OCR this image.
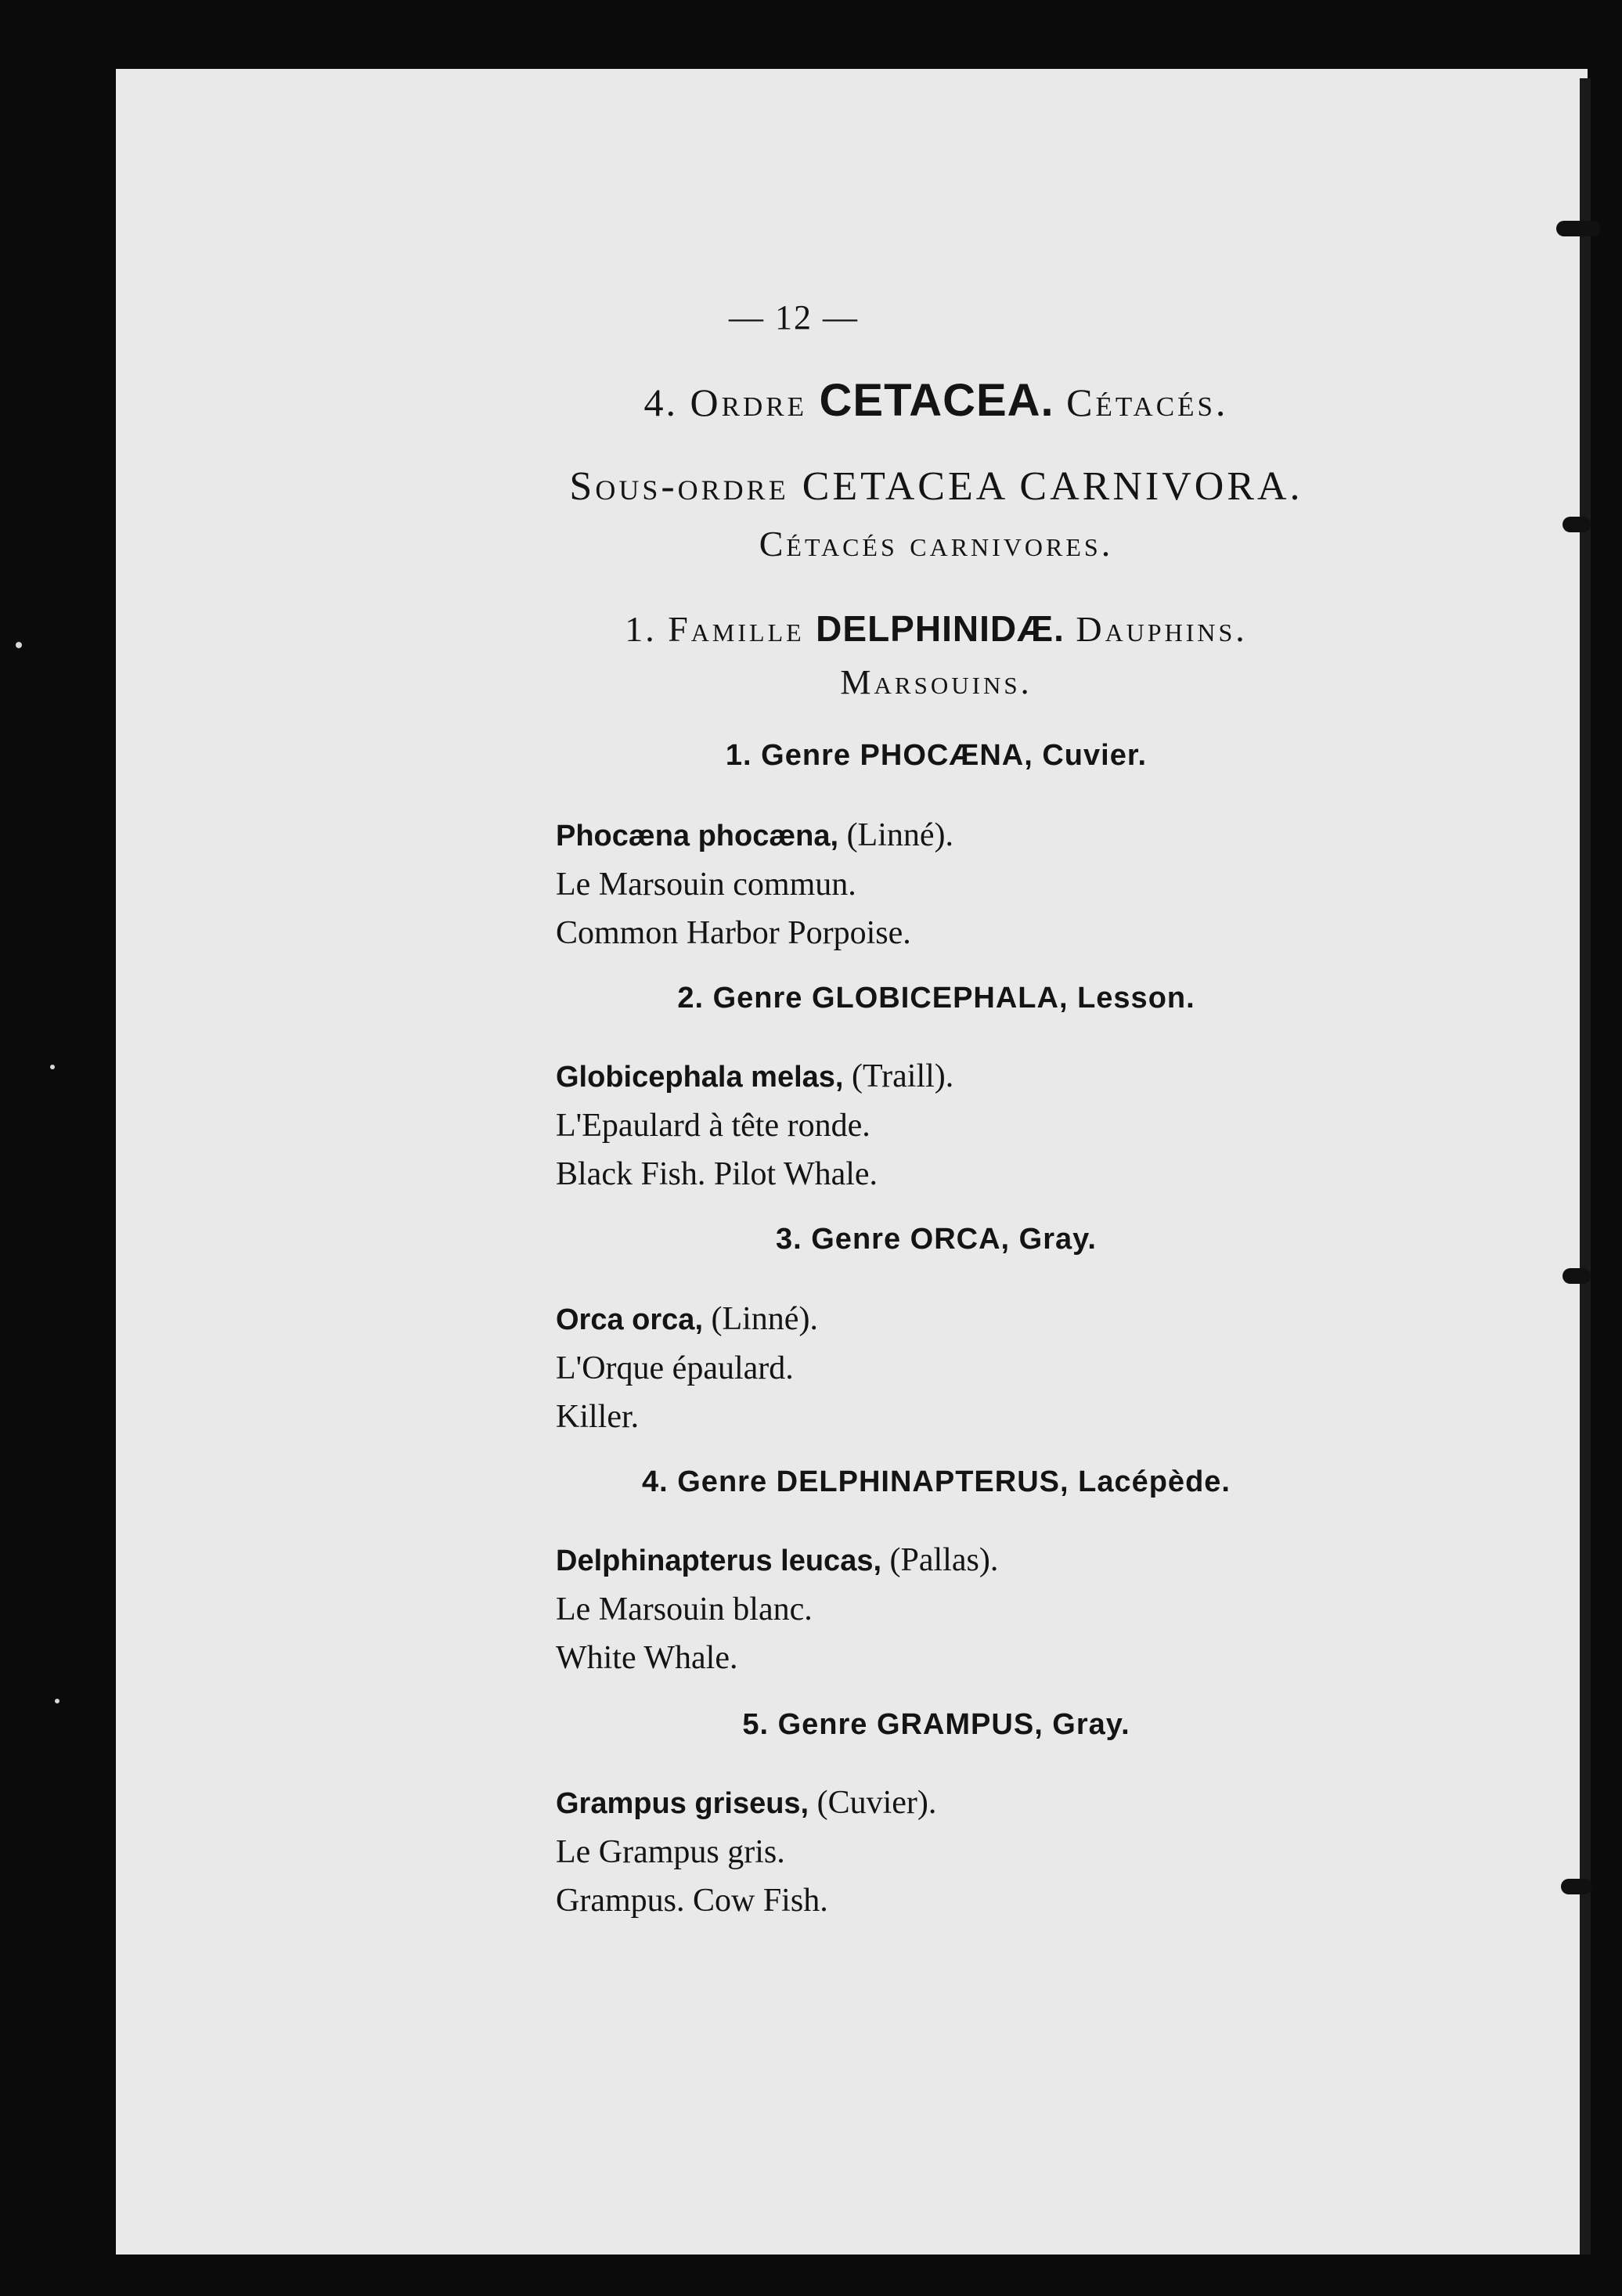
— 12 —
4. Ordre CETACEA. Cétacés.
Sous-ordre CETACEA CARNIVORA.
Cétacés carnivores.
1. Famille DELPHINIDÆ. Dauphins.
Marsouins.
1. Genre PHOCÆNA, Cuvier.
Phocæna phocæna, (Linné).
Le Marsouin commun.
Common Harbor Porpoise.
2. Genre GLOBICEPHALA, Lesson.
Globicephala melas, (Traill).
L'Epaulard à tête ronde.
Black Fish. Pilot Whale.
3. Genre ORCA, Gray.
Orca orca, (Linné).
L'Orque épaulard.
Killer.
4. Genre DELPHINAPTERUS, Lacépède.
Delphinapterus leucas, (Pallas).
Le Marsouin blanc.
White Whale.
5. Genre GRAMPUS, Gray.
Grampus griseus, (Cuvier).
Le Grampus gris.
Grampus. Cow Fish.
